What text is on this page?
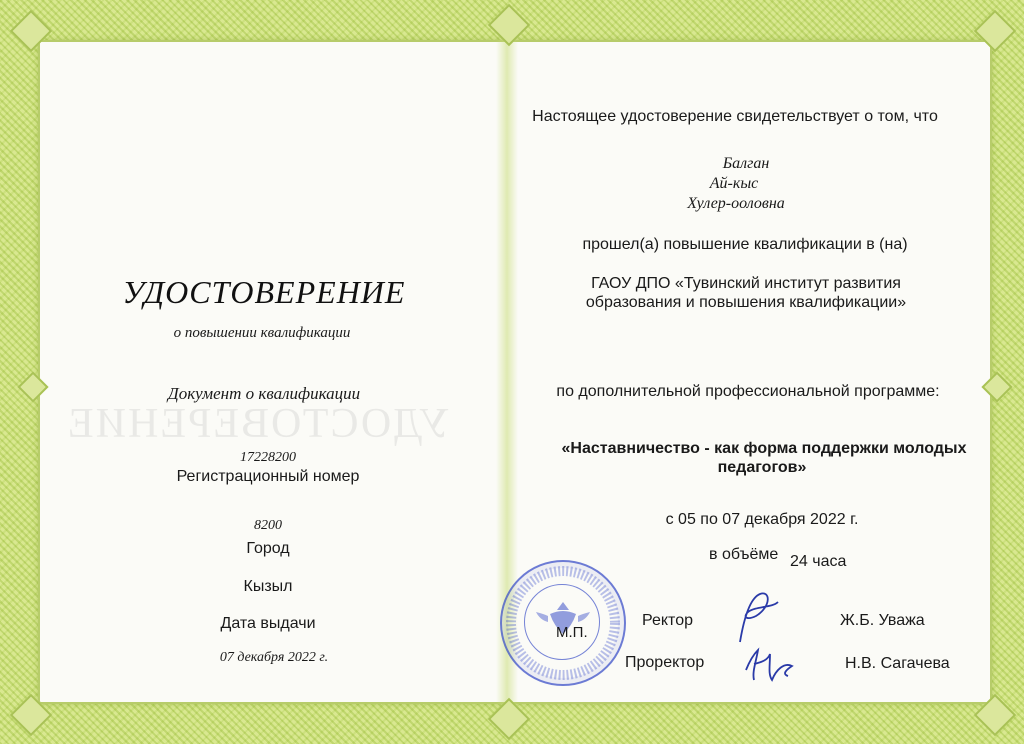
УДОСТОВЕРЕНИЕ
УДОСТОВЕРЕНИЕ
о повышении квалификации
Документ о квалификации
17228200
Регистрационный номер
8200
Город
Кызыл
Дата выдачи
07 декабря 2022 г.
Настоящее удостоверение свидетельствует о том, что
Балган
Ай-кыс
Хулер-ооловна
прошел(а) повышение квалификации в (на)
ГАОУ ДПО «Тувинский институт развития
образования и повышения квалификации»
по дополнительной профессиональной программе:
«Наставничество - как форма поддержки молодых
педагогов»
с 05 по 07 декабря 2022 г.
в объёме 24 часа
М.П.
Ректор	Ж.Б. Уважа
Проректор	Н.В. Сагачева
